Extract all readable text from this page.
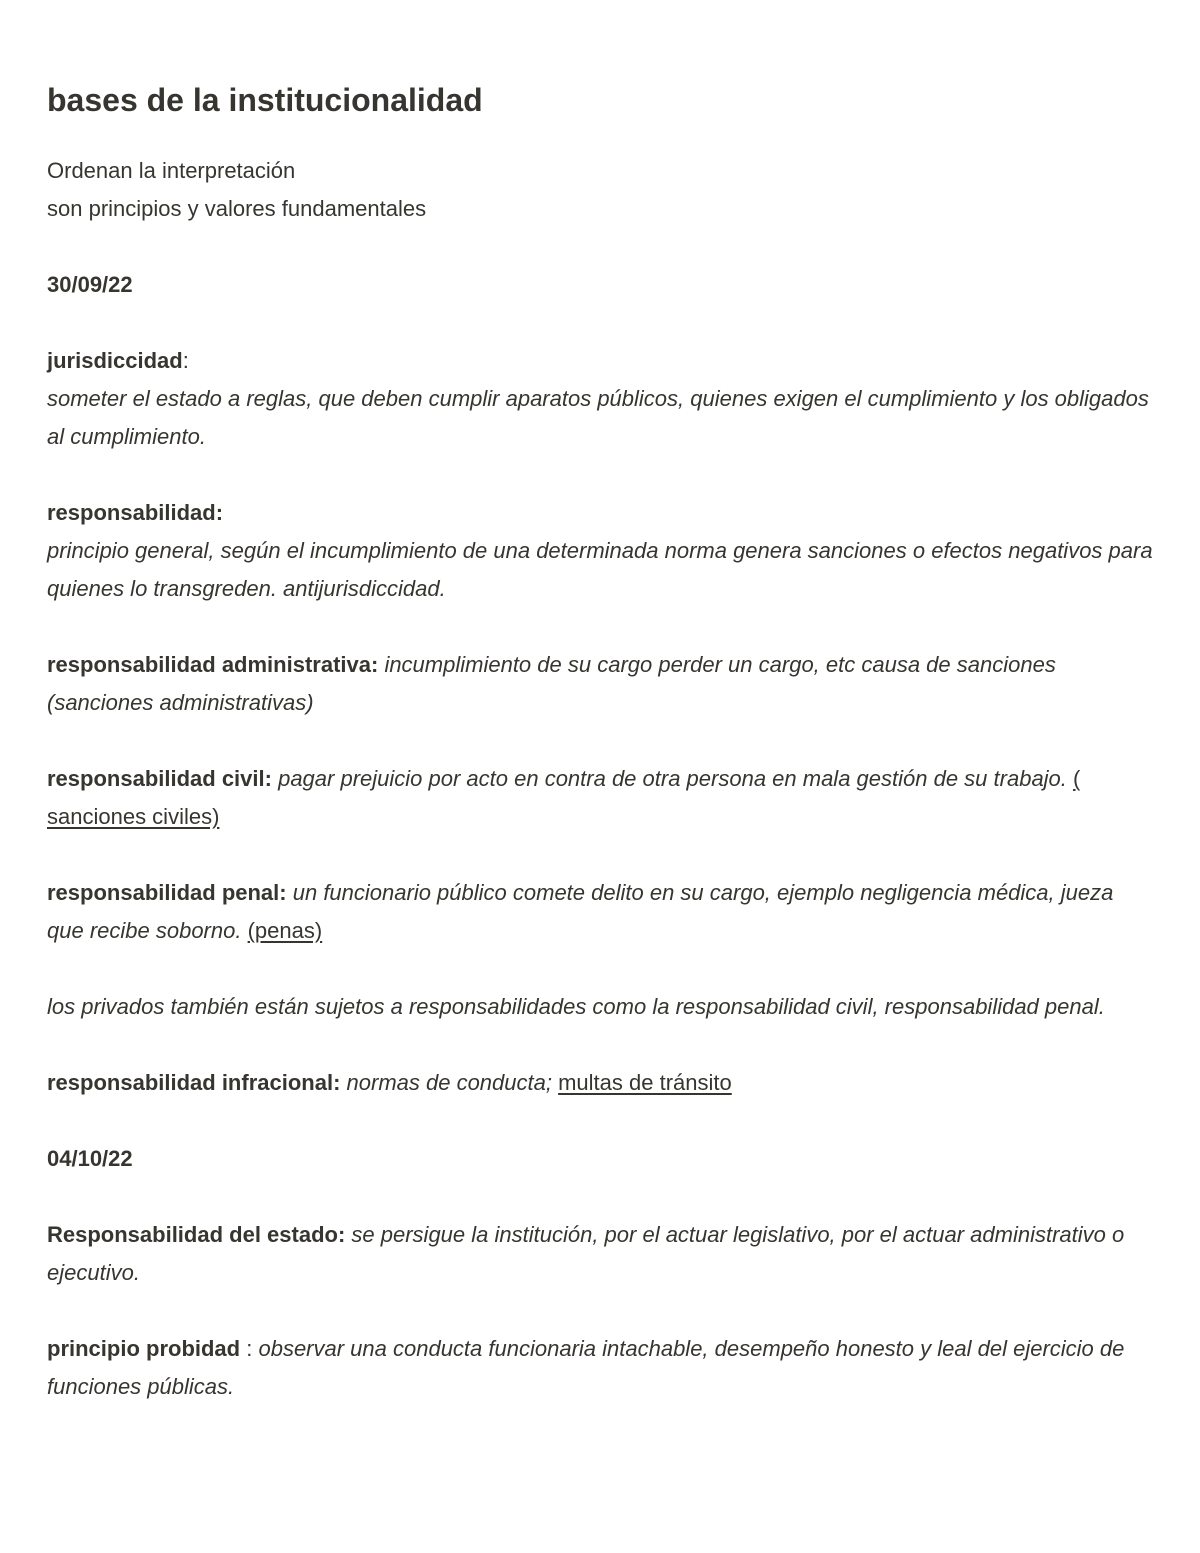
bases de la institucionalidad
Ordenan la interpretación
son principios y valores fundamentales
30/09/22
jurisdiccidad:
someter el estado a reglas, que deben cumplir aparatos públicos, quienes exigen el cumplimiento y los obligados al cumplimiento.
responsabilidad:
principio general, según el incumplimiento de una determinada norma genera sanciones o efectos negativos para quienes lo transgreden. antijurisdiccidad.
responsabilidad administrativa: incumplimiento de su cargo perder un cargo, etc causa de sanciones (sanciones administrativas)
responsabilidad civil: pagar prejuicio por acto en contra de otra persona en mala gestión de su trabajo. ( sanciones civiles)
responsabilidad penal: un funcionario público comete delito en su cargo, ejemplo negligencia médica, jueza que recibe soborno. (penas)
los privados también están sujetos a responsabilidades como la responsabilidad civil, responsabilidad penal.
responsabilidad infracional: normas de conducta; multas de tránsito
04/10/22
Responsabilidad del estado: se persigue la institución, por el actuar legislativo, por el actuar administrativo o ejecutivo.
principio probidad : observar una conducta funcionaria intachable, desempeño honesto y leal del ejercicio de funciones públicas.
